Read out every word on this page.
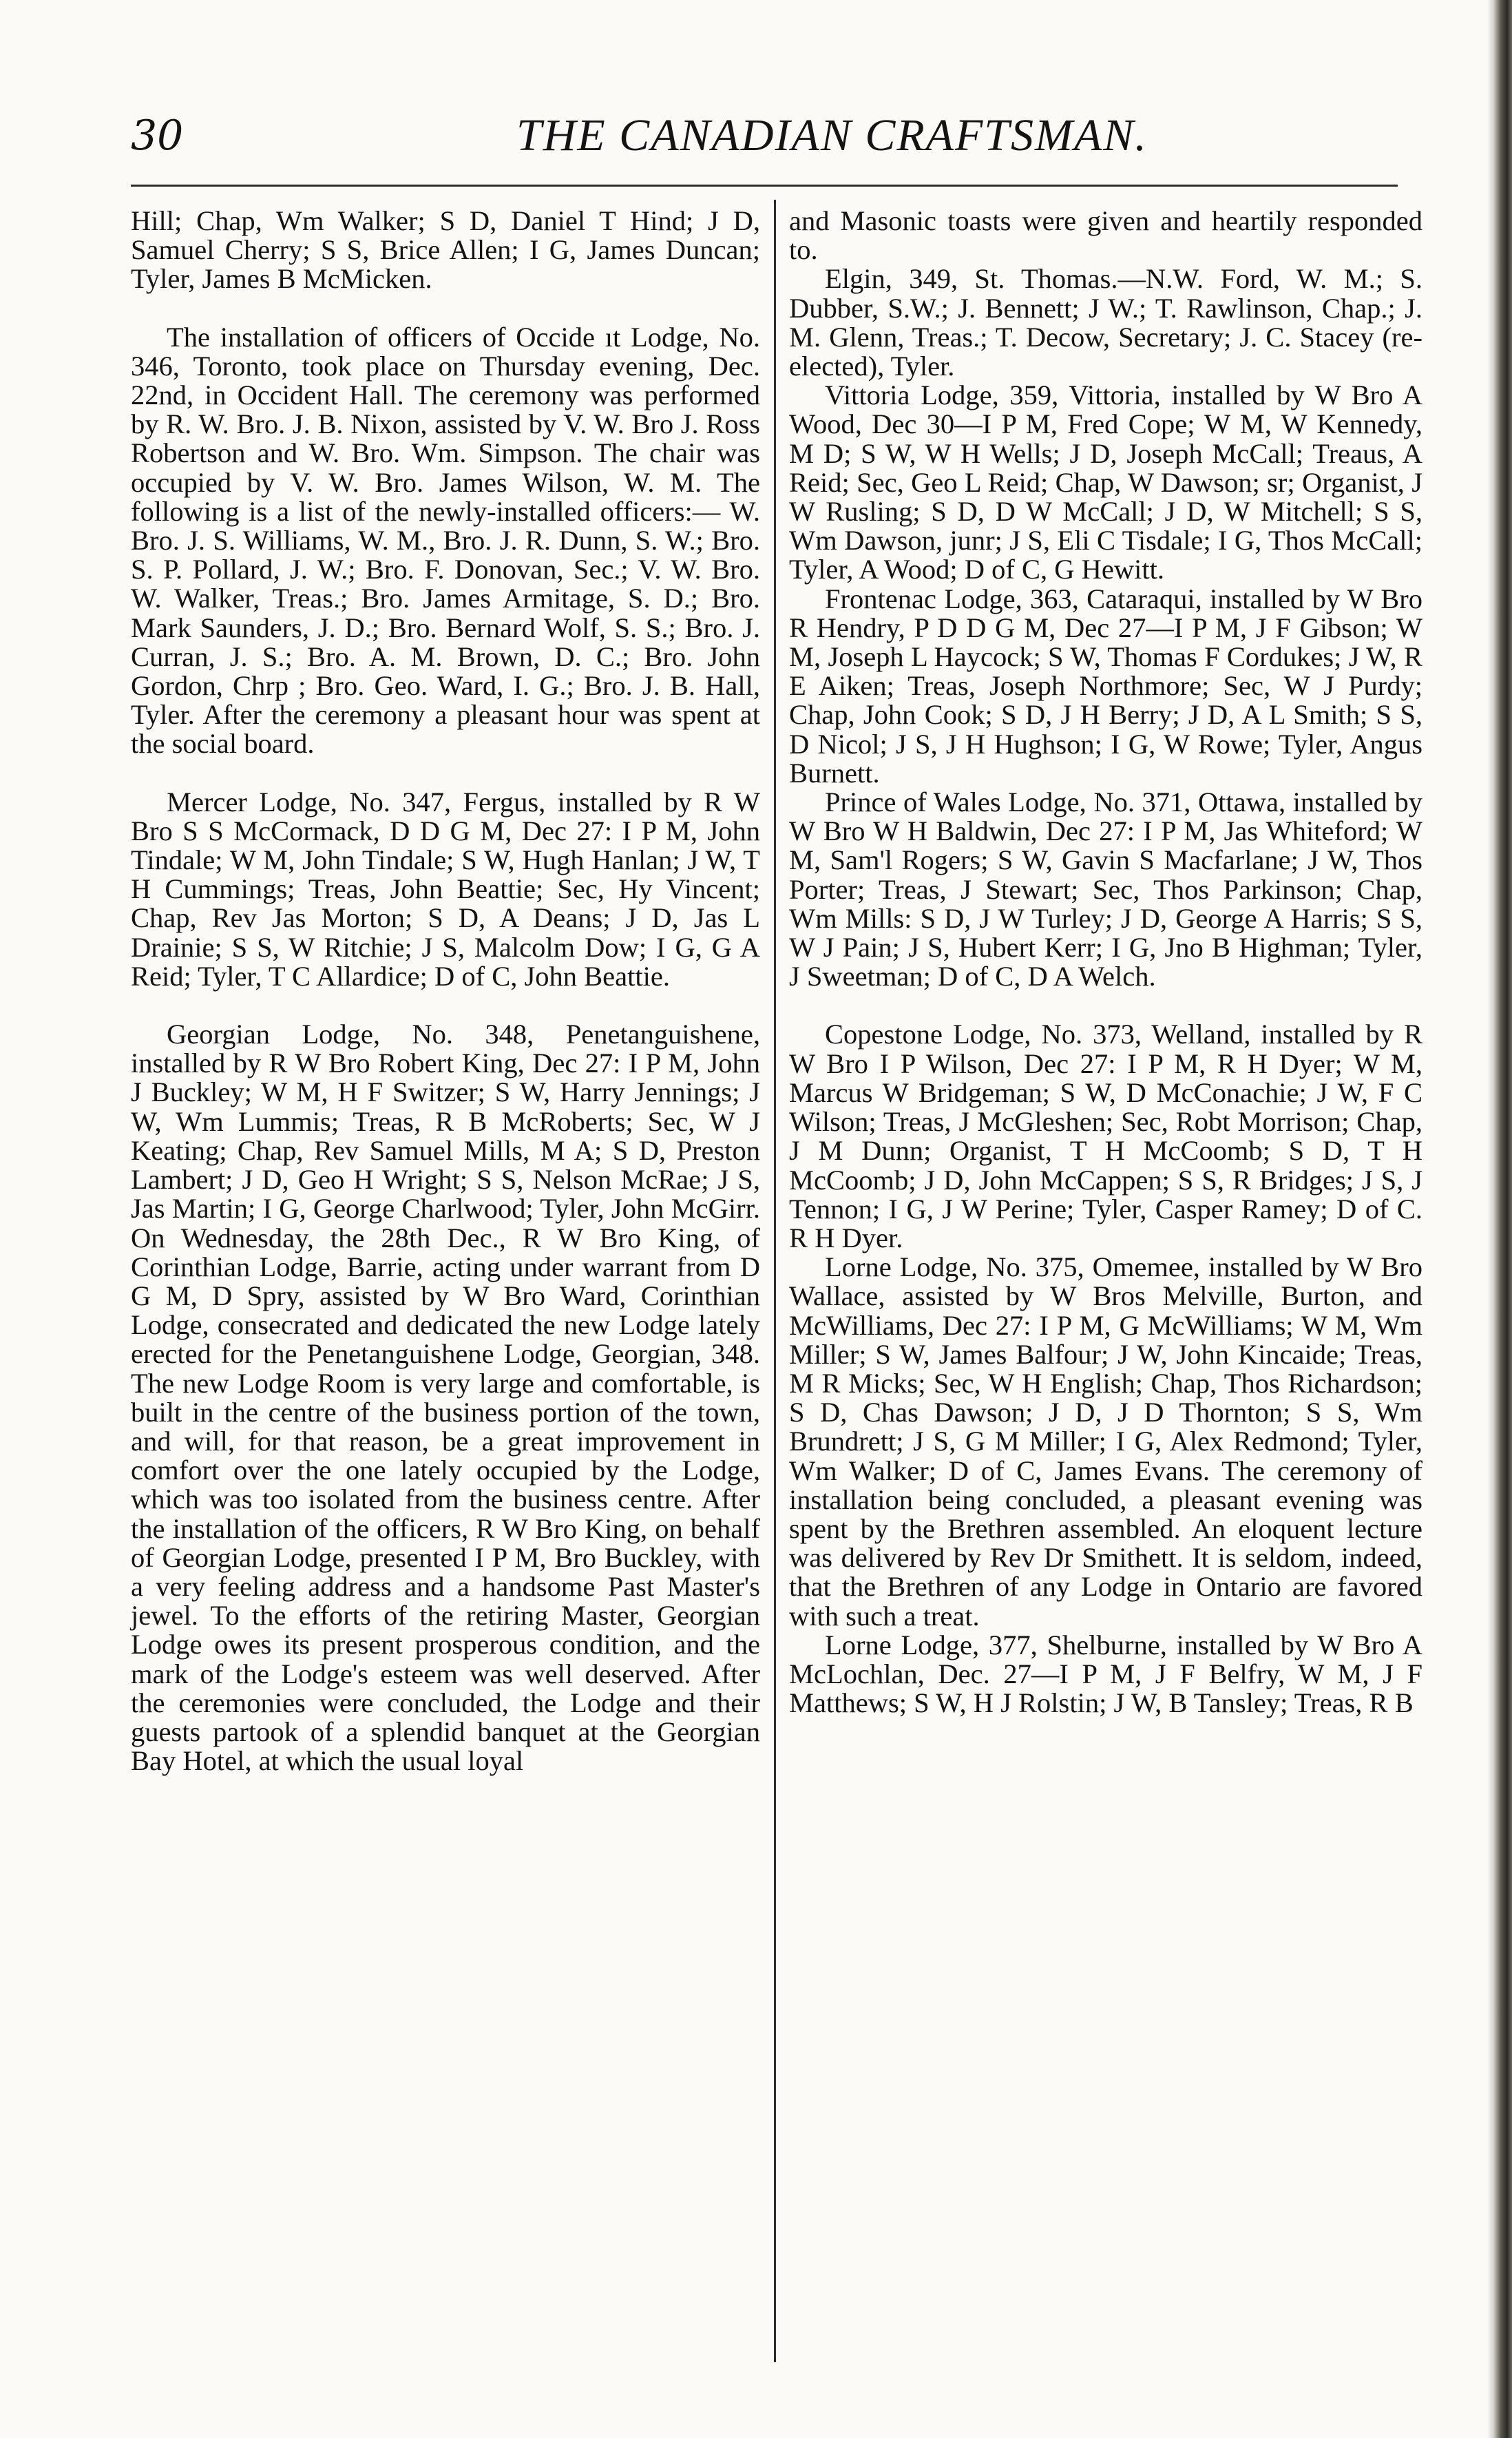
30	THE CANADIAN CRAFTSMAN.

Hill; Chap, Wm Walker; S D, Daniel T Hind; J D, Samuel Cherry; S S, Brice Allen; I G, James Duncan; Tyler, James B McMicken.

The installation of officers of Occide ıt Lodge, No. 346, Toronto, took place on Thursday evening, Dec. 22nd, in Occident Hall. The ceremony was performed by R. W. Bro. J. B. Nixon, assisted by V. W. Bro J. Ross Robertson and W. Bro. Wm. Simpson. The chair was occupied by V. W. Bro. James Wilson, W. M. The following is a list of the newly-installed officers:— W. Bro. J. S. Williams, W. M., Bro. J. R. Dunn, S. W.; Bro. S. P. Pollard, J. W.; Bro. F. Donovan, Sec.; V. W. Bro. W. Walker, Treas.; Bro. James Armitage, S. D.; Bro. Mark Saunders, J. D.; Bro. Bernard Wolf, S. S.; Bro. J. Curran, J. S.; Bro. A. M. Brown, D. C.; Bro. John Gordon, Chrp ; Bro. Geo. Ward, I. G.; Bro. J. B. Hall, Tyler. After the ceremony a pleasant hour was spent at the social board.

Mercer Lodge, No. 347, Fergus, installed by R W Bro S S McCormack, D D G M, Dec 27: I P M, John Tindale; W M, John Tindale; S W, Hugh Hanlan; J W, T H Cummings; Treas, John Beattie; Sec, Hy Vincent; Chap, Rev Jas Morton; S D, A Deans; J D, Jas L Drainie; S S, W Ritchie; J S, Malcolm Dow; I G, G A Reid; Tyler, T C Allardice; D of C, John Beattie.

Georgian Lodge, No. 348, Penetanguishene, installed by R W Bro Robert King, Dec 27: I P M, John J Buckley; W M, H F Switzer; S W, Harry Jennings; J W, Wm Lummis; Treas, R B McRoberts; Sec, W J Keating; Chap, Rev Samuel Mills, M A; S D, Preston Lambert; J D, Geo H Wright; S S, Nelson McRae; J S, Jas Martin; I G, George Charlwood; Tyler, John McGirr. On Wednesday, the 28th Dec., R W Bro King, of Corinthian Lodge, Barrie, acting under warrant from D G M, D Spry, assisted by W Bro Ward, Corinthian Lodge, consecrated and dedicated the new Lodge lately erected for the Penetanguishene Lodge, Georgian, 348. The new Lodge Room is very large and comfortable, is built in the centre of the business portion of the town, and will, for that reason, be a great improvement in comfort over the one lately occupied by the Lodge, which was too isolated from the business centre. After the installation of the officers, R W Bro King, on behalf of Georgian Lodge, presented I P M, Bro Buckley, with a very feeling address and a handsome Past Master's jewel. To the efforts of the retiring Master, Georgian Lodge owes its present prosperous condition, and the mark of the Lodge's esteem was well deserved. After the ceremonies were concluded, the Lodge and their guests partook of a splendid banquet at the Georgian Bay Hotel, at which the usual loyal

and Masonic toasts were given and heartily responded to.

Elgin, 349, St. Thomas.—N.W. Ford, W. M.; S. Dubber, S.W.; J. Bennett; J W.; T. Rawlinson, Chap.; J. M. Glenn, Treas.; T. Decow, Secretary; J. C. Stacey (re-elected), Tyler.

Vittoria Lodge, 359, Vittoria, installed by W Bro A Wood, Dec 30—I P M, Fred Cope; W M, W Kennedy, M D; S W, W H Wells; J D, Joseph McCall; Treaus, A Reid; Sec, Geo L Reid; Chap, W Dawson; sr; Organist, J W Rusling; S D, D W McCall; J D, W Mitchell; S S, Wm Dawson, junr; J S, Eli C Tisdale; I G, Thos McCall; Tyler, A Wood; D of C, G Hewitt.

Frontenac Lodge, 363, Cataraqui, installed by W Bro R Hendry, P D D G M, Dec 27—I P M, J F Gibson; W M, Joseph L Haycock; S W, Thomas F Cordukes; J W, R E Aiken; Treas, Joseph Northmore; Sec, W J Purdy; Chap, John Cook; S D, J H Berry; J D, A L Smith; S S, D Nicol; J S, J H Hughson; I G, W Rowe; Tyler, Angus Burnett.

Prince of Wales Lodge, No. 371, Ottawa, installed by W Bro W H Baldwin, Dec 27: I P M, Jas Whiteford; W M, Sam'l Rogers; S W, Gavin S Macfarlane; J W, Thos Porter; Treas, J Stewart; Sec, Thos Parkinson; Chap, Wm Mills: S D, J W Turley; J D, George A Harris; S S, W J Pain; J S, Hubert Kerr; I G, Jno B Highman; Tyler, J Sweetman; D of C, D A Welch.

Copestone Lodge, No. 373, Welland, installed by R W Bro I P Wilson, Dec 27: I P M, R H Dyer; W M, Marcus W Bridgeman; S W, D McConachie; J W, F C Wilson; Treas, J McGleshen; Sec, Robt Morrison; Chap, J M Dunn; Organist, T H McCoomb; S D, T H McCoomb; J D, John McCappen; S S, R Bridges; J S, J Tennon; I G, J W Perine; Tyler, Casper Ramey; D of C. R H Dyer.

Lorne Lodge, No. 375, Omemee, installed by W Bro Wallace, assisted by W Bros Melville, Burton, and McWilliams, Dec 27: I P M, G McWilliams; W M, Wm Miller; S W, James Balfour; J W, John Kincaide; Treas, M R Micks; Sec, W H English; Chap, Thos Richardson; S D, Chas Dawson; J D, J D Thornton; S S, Wm Brundrett; J S, G M Miller; I G, Alex Redmond; Tyler, Wm Walker; D of C, James Evans. The ceremony of installation being concluded, a pleasant evening was spent by the Brethren assembled. An eloquent lecture was delivered by Rev Dr Smithett. It is seldom, indeed, that the Brethren of any Lodge in Ontario are favored with such a treat.

Lorne Lodge, 377, Shelburne, installed by W Bro A McLochlan, Dec. 27—I P M, J F Belfry, W M, J F Matthews; S W, H J Rolstin; J W, B Tansley; Treas, R B
